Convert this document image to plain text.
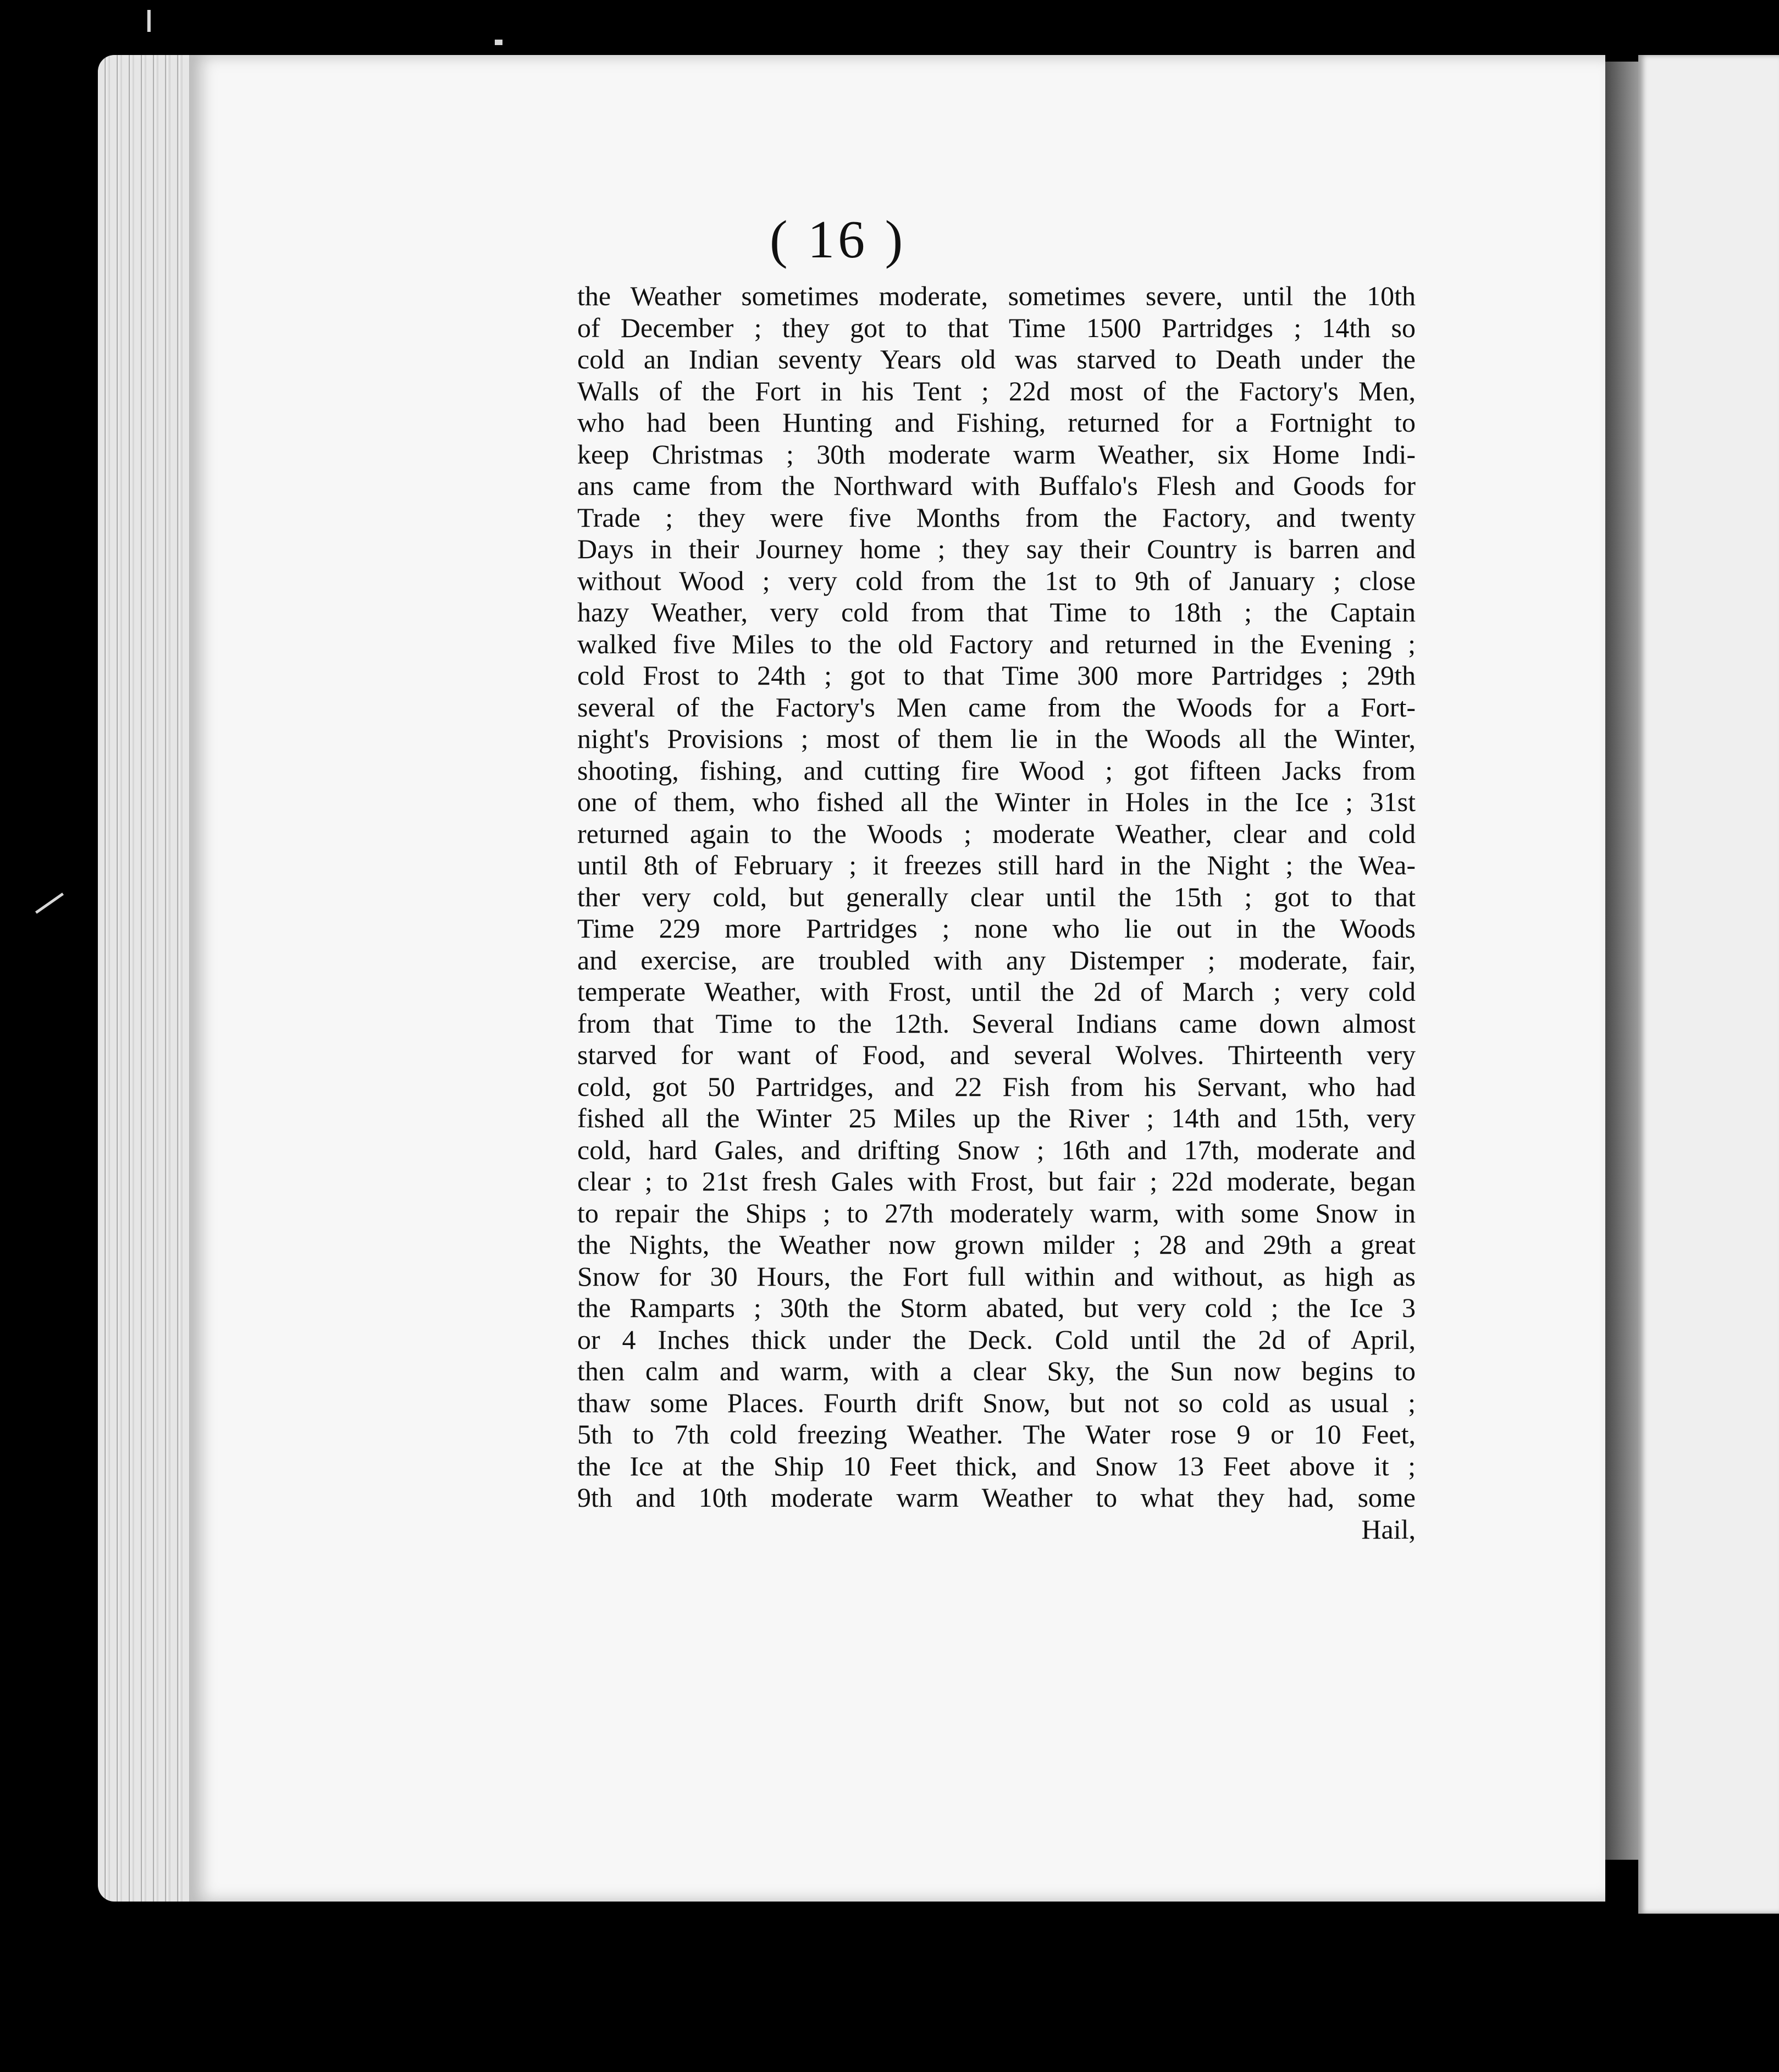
( 16 )
the Weather sometimes moderate, sometimes severe, until the 10th
of December ; they got to that Time 1500 Partridges ; 14th so
cold an Indian seventy Years old was starved to Death under the
Walls of the Fort in his Tent ; 22d most of the Factory's Men,
who had been Hunting and Fishing, returned for a Fortnight to
keep Christmas ; 30th moderate warm Weather, six Home Indi-
ans came from the Northward with Buffalo's Flesh and Goods for
Trade ; they were five Months from the Factory, and twenty
Days in their Journey home ; they say their Country is barren and
without Wood ; very cold from the 1st to 9th of January ; close
hazy Weather, very cold from that Time to 18th ; the Captain
walked five Miles to the old Factory and returned in the Evening ;
cold Frost to 24th ; got to that Time 300 more Partridges ; 29th
several of the Factory's Men came from the Woods for a Fort-
night's Provisions ; most of them lie in the Woods all the Winter,
shooting, fishing, and cutting fire Wood ; got fifteen Jacks from
one of them, who fished all the Winter in Holes in the Ice ; 31st
returned again to the Woods ; moderate Weather, clear and cold
until 8th of February ; it freezes still hard in the Night ; the Wea-
ther very cold, but generally clear until the 15th ; got to that
Time 229 more Partridges ; none who lie out in the Woods
and exercise, are troubled with any Distemper ; moderate, fair,
temperate Weather, with Frost, until the 2d of March ; very cold
from that Time to the 12th. Several Indians came down almost
starved for want of Food, and several Wolves. Thirteenth very
cold, got 50 Partridges, and 22 Fish from his Servant, who had
fished all the Winter 25 Miles up the River ; 14th and 15th, very
cold, hard Gales, and drifting Snow ; 16th and 17th, moderate and
clear ; to 21st fresh Gales with Frost, but fair ; 22d moderate, began
to repair the Ships ; to 27th moderately warm, with some Snow in
the Nights, the Weather now grown milder ; 28 and 29th a great
Snow for 30 Hours, the Fort full within and without, as high as
the Ramparts ; 30th the Storm abated, but very cold ; the Ice 3
or 4 Inches thick under the Deck. Cold until the 2d of April,
then calm and warm, with a clear Sky, the Sun now begins to
thaw some Places. Fourth drift Snow, but not so cold as usual ;
5th to 7th cold freezing Weather. The Water rose 9 or 10 Feet,
the Ice at the Ship 10 Feet thick, and Snow 13 Feet above it ;
9th and 10th moderate warm Weather to what they had, some
Hail,
